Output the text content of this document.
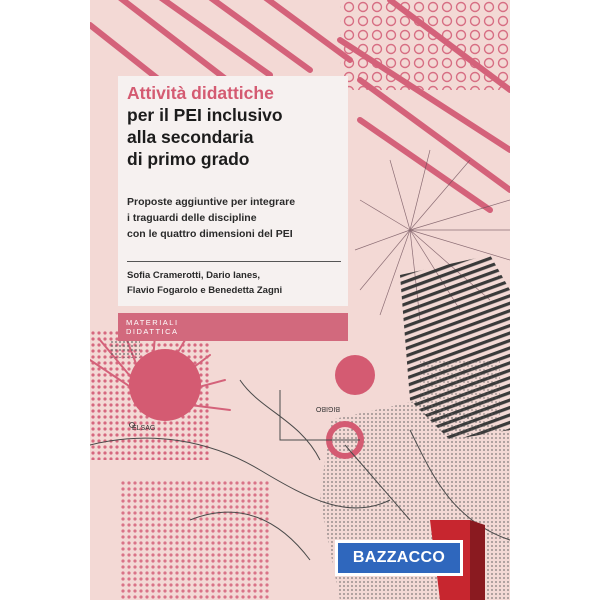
ELSAG
BIGIBO
Attività didattiche
per il PEI inclusivo
alla secondaria
di primo grado
Proposte aggiuntive per integrare
i traguardi delle discipline
con le quattro dimensioni del PEI
Sofia Cramerotti, Dario Ianes,
Flavio Fogarolo e Benedetta Zagni
MATERIALI
DIDATTICA
BAZZACCO
